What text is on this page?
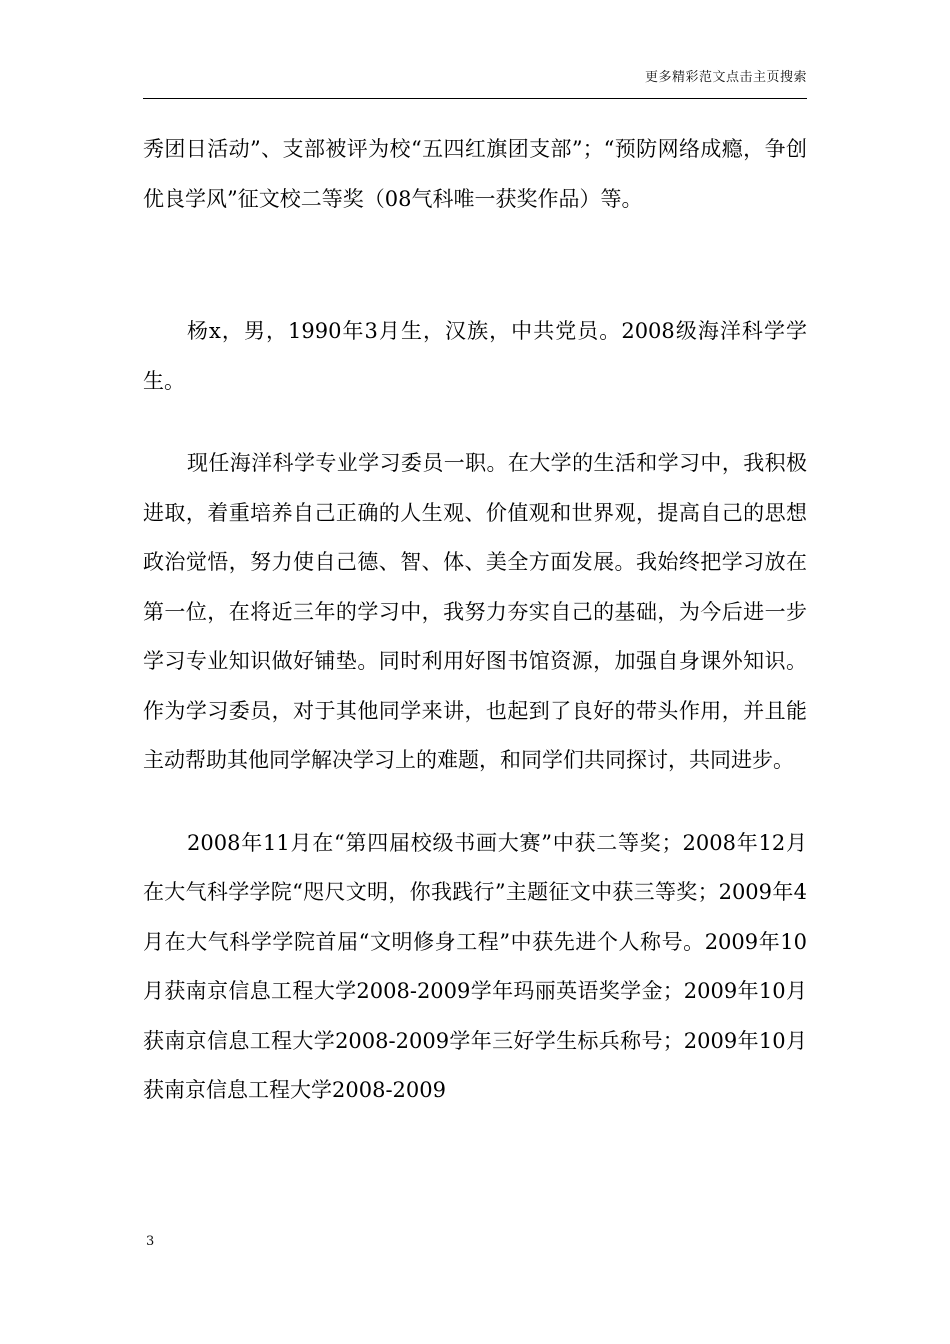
更多精彩范文点击主页搜索

秀团日活动”、支部被评为校“五四红旗团支部”；“预防网络成瘾，争创优良学风”征文校二等奖（08气科唯一获奖作品）等。

杨x，男，1990年3月生，汉族，中共党员。2008级海洋科学学生。

现任海洋科学专业学习委员一职。在大学的生活和学习中，我积极进取，着重培养自己正确的人生观、价值观和世界观，提高自己的思想政治觉悟，努力使自己德、智、体、美全方面发展。我始终把学习放在第一位，在将近三年的学习中，我努力夯实自己的基础，为今后进一步学习专业知识做好铺垫。同时利用好图书馆资源，加强自身课外知识。作为学习委员，对于其他同学来讲，也起到了良好的带头作用，并且能主动帮助其他同学解决学习上的难题，和同学们共同探讨，共同进步。

2008年11月在“第四届校级书画大赛”中获二等奖；2008年12月在大气科学学院“咫尺文明，你我践行”主题征文中获三等奖；2009年4月在大气科学学院首届“文明修身工程”中获先进个人称号。2009年10月获南京信息工程大学2008-2009学年玛丽英语奖学金；2009年10月获南京信息工程大学2008-2009学年三好学生标兵称号；2009年10月获南京信息工程大学2008-2009

3
